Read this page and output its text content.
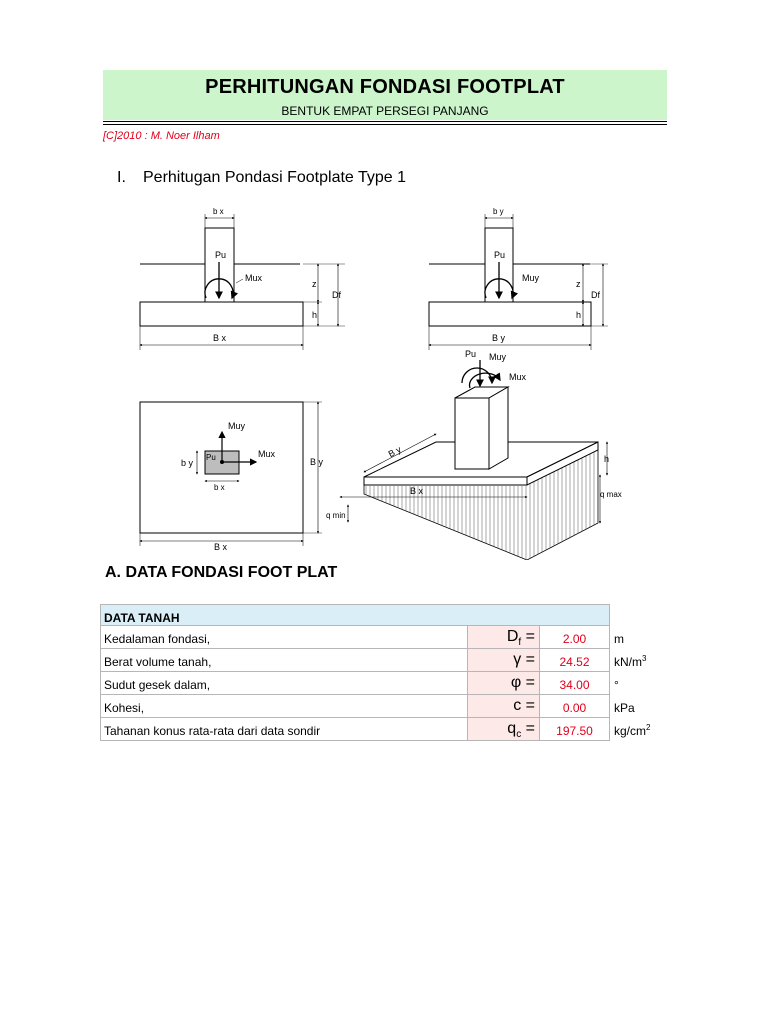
PERHITUNGAN FONDASI FOOTPLAT
BENTUK EMPAT PERSEGI PANJANG
[C]2010 : M. Noer Ilham
I. Perhitugan Pondasi Footplate Type 1
b x
Pu
Mux
B x
z
Df
h
b y
Pu
Muy
B y
z
Df
h
Muy
Mux
Pu
b x
b y
B x
B y
Pu Muy
Mux
B y
B x
h
q max
q min
A. DATA FONDASI FOOT PLAT
DATA TANAH
Kedalaman fondasi,	$D_f$ =	2.00	m
Berat volume tanah,	γ =	24.52	$kN/m^3$
Sudut gesek dalam,	φ =	34.00	°
Kohesi,	c =	0.00	kPa
Tahanan konus rata-rata dari data sondir	$q_c$ =	197.50	$kg/cm^2$
